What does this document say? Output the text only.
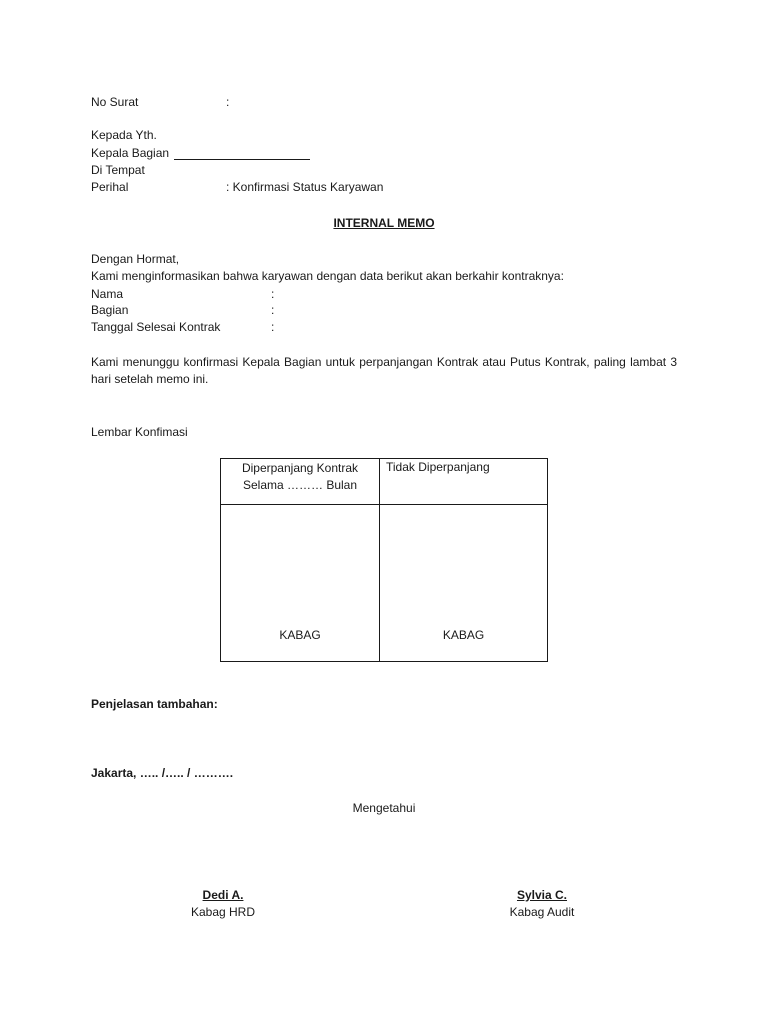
No Surat	:
Kepada Yth.
Kepala Bagian
Di Tempat
Perihal	: Konfirmasi Status Karyawan
INTERNAL MEMO
Dengan Hormat,
Kami menginformasikan bahwa karyawan dengan data berikut akan berkahir kontraknya:
Nama	:
Bagian	:
Tanggal Selesai Kontrak	:
Kami menunggu konfirmasi Kepala Bagian untuk perpanjangan Kontrak atau Putus Kontrak, paling lambat 3 hari setelah memo ini.
Lembar Konfimasi
Diperpanjang Kontrak
Selama ……… Bulan	Tidak Diperpanjang

KABAG	KABAG
Penjelasan tambahan:
Jakarta, ….. /….. / ……….
Mengetahui
Dedi A.
Kabag HRD
Sylvia C.
Kabag Audit
